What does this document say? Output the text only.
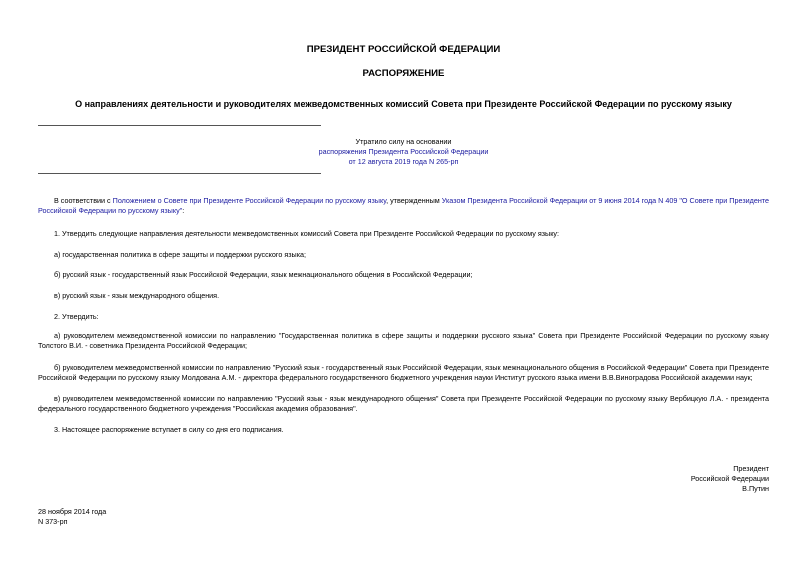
ПРЕЗИДЕНТ РОССИЙСКОЙ ФЕДЕРАЦИИ
РАСПОРЯЖЕНИЕ
О направлениях деятельности и руководителях межведомственных комиссий Совета при Президенте Российской Федерации по русскому языку
Утратило силу на основании
распоряжения Президента Российской Федерации
от 12 августа 2019 года N 265-рп
В соответствии с Положением о Совете при Президенте Российской Федерации по русскому языку, утвержденным Указом Президента Российской Федерации от 9 июня 2014 года N 409 "О Совете при Президенте Российской Федерации по русскому языку":
1. Утвердить следующие направления деятельности межведомственных комиссий Совета при Президенте Российской Федерации по русскому языку:
а) государственная политика в сфере защиты и поддержки русского языка;
б) русский язык - государственный язык Российской Федерации, язык межнационального общения в Российской Федерации;
в) русский язык - язык международного общения.
2. Утвердить:
а) руководителем межведомственной комиссии по направлению "Государственная политика в сфере защиты и поддержки русского языка" Совета при Президенте Российской Федерации по русскому языку Толстого В.И. - советника Президента Российской Федерации;
б) руководителем межведомственной комиссии по направлению "Русский язык - государственный язык Российской Федерации, язык межнационального общения в Российской Федерации" Совета при Президенте Российской Федерации по русскому языку Молдована А.М. - директора федерального государственного бюджетного учреждения науки Институт русского языка имени В.В.Виноградова Российской академии наук;
в) руководителем межведомственной комиссии по направлению "Русский язык - язык международного общения" Совета при Президенте Российской Федерации по русскому языку Вербицкую Л.А. - президента федерального государственного бюджетного учреждения "Российская академия образования".
3. Настоящее распоряжение вступает в силу со дня его подписания.
Президент
Российской Федерации
В.Путин
28 ноября 2014 года
N 373-рп
